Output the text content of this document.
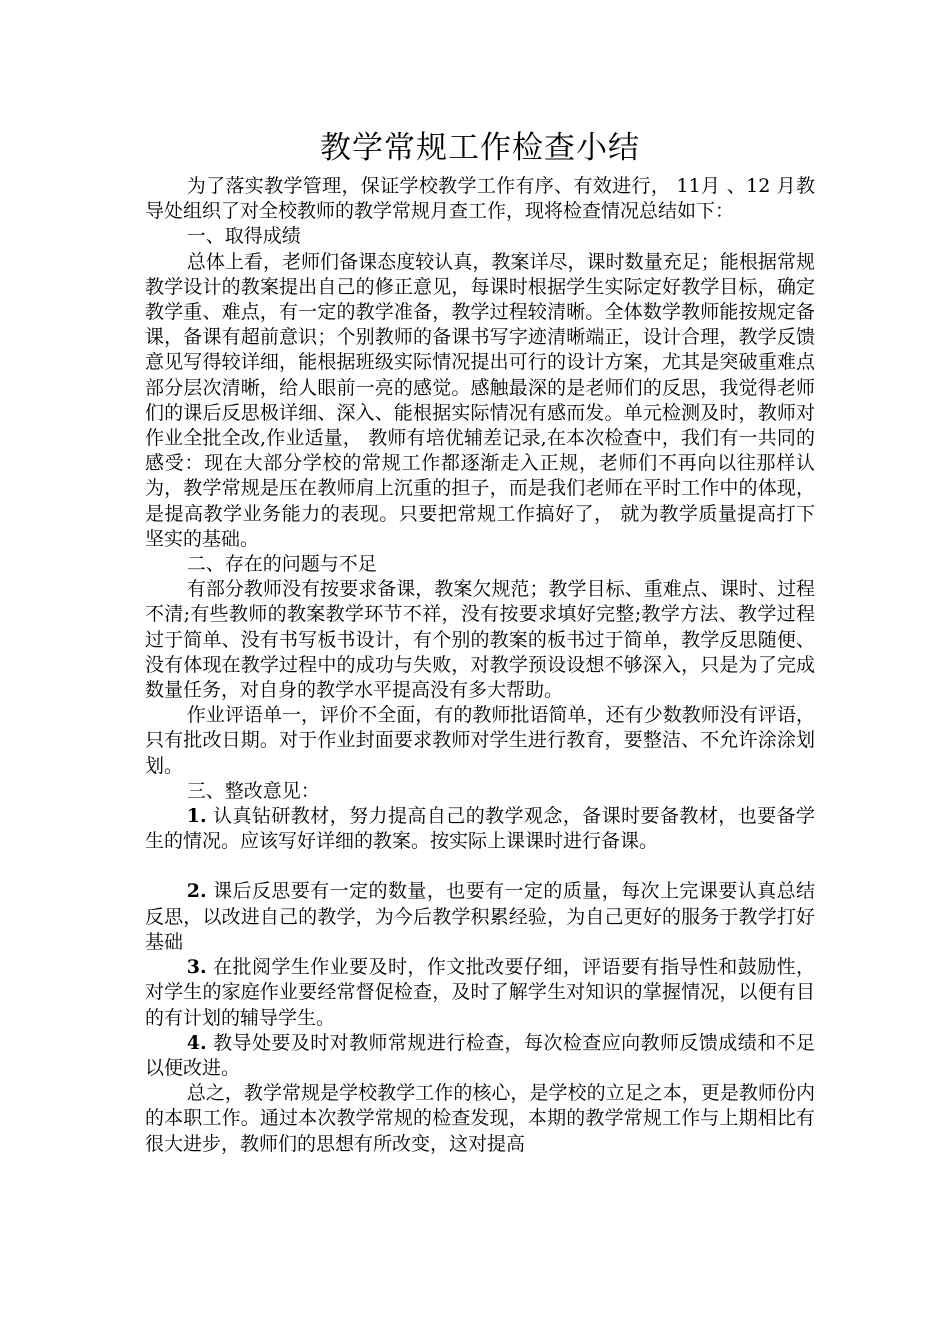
教学常规工作检查小结

为了落实教学管理，保证学校教学工作有序、有效进行， 11月 、12 月教导处组织了对全校教师的教学常规月查工作，现将检查情况总结如下：

一、取得成绩

总体上看，老师们备课态度较认真，教案详尽，课时数量充足；能根据常规教学设计的教案提出自己的修正意见，每课时根据学生实际定好教学目标，确定教学重、难点，有一定的教学准备，教学过程较清晰。全体数学教师能按规定备课，备课有超前意识；个别教师的备课书写字迹清晰端正，设计合理，教学反馈意见写得较详细，能根据班级实际情况提出可行的设计方案，尤其是突破重难点部分层次清晰，给人眼前一亮的感觉。感触最深的是老师们的反思，我觉得老师们的课后反思极详细、深入、能根据实际情况有感而发。单元检测及时，教师对作业全批全改,作业适量， 教师有培优辅差记录,在本次检查中，我们有一共同的感受：现在大部分学校的常规工作都逐渐走入正规，老师们不再向以往那样认为，教学常规是压在教师肩上沉重的担子，而是我们老师在平时工作中的体现，是提高教学业务能力的表现。只要把常规工作搞好了， 就为教学质量提高打下坚实的基础。

二、存在的问题与不足

有部分教师没有按要求备课，教案欠规范；教学目标、重难点、课时、过程不清;有些教师的教案教学环节不祥，没有按要求填好完整;教学方法、教学过程过于简单、没有书写板书设计，有个别的教案的板书过于简单，教学反思随便、没有体现在教学过程中的成功与失败，对教学预设设想不够深入，只是为了完成数量任务，对自身的教学水平提高没有多大帮助。

作业评语单一，评价不全面，有的教师批语简单，还有少数教师没有评语，只有批改日期。对于作业封面要求教师对学生进行教育，要整洁、不允许涂涂划划。

三、整改意见：

1. 认真钻研教材，努力提高自己的教学观念，备课时要备教材，也要备学生的情况。应该写好详细的教案。按实际上课课时进行备课。

2. 课后反思要有一定的数量，也要有一定的质量，每次上完课要认真总结反思，以改进自己的教学，为今后教学积累经验，为自己更好的服务于教学打好基础

3. 在批阅学生作业要及时，作文批改要仔细，评语要有指导性和鼓励性，对学生的家庭作业要经常督促检查，及时了解学生对知识的掌握情况，以便有目的有计划的辅导学生。

4. 教导处要及时对教师常规进行检查，每次检查应向教师反馈成绩和不足以便改进。

总之，教学常规是学校教学工作的核心，是学校的立足之本，更是教师份内的本职工作。通过本次教学常规的检查发现，本期的教学常规工作与上期相比有很大进步，教师们的思想有所改变，这对提高
